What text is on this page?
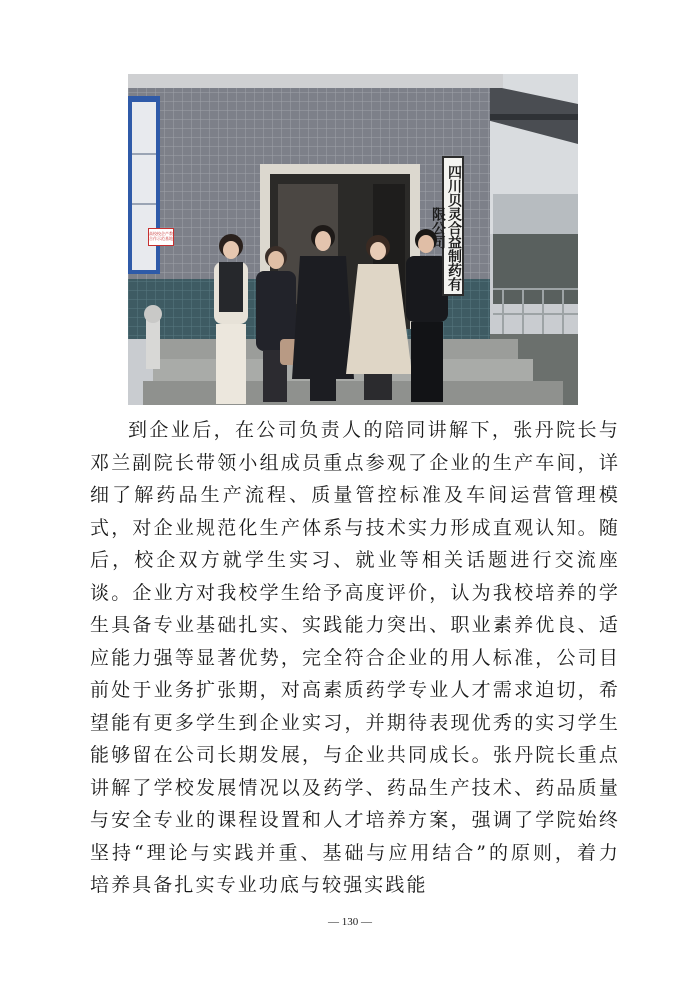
四川贝灵合益制药有限公司
高校校企产教合作示范基地

到企业后，在公司负责人的陪同讲解下，张丹院长与邓兰副院长带领小组成员重点参观了企业的生产车间，详细了解药品生产流程、质量管控标准及车间运营管理模式，对企业规范化生产体系与技术实力形成直观认知。随后，校企双方就学生实习、就业等相关话题进行交流座谈。企业方对我校学生给予高度评价，认为我校培养的学生具备专业基础扎实、实践能力突出、职业素养优良、适应能力强等显著优势，完全符合企业的用人标准，公司目前处于业务扩张期，对高素质药学专业人才需求迫切，希望能有更多学生到企业实习，并期待表现优秀的实习学生能够留在公司长期发展，与企业共同成长。张丹院长重点讲解了学校发展情况以及药学、药品生产技术、药品质量与安全专业的课程设置和人才培养方案，强调了学院始终坚持“理论与实践并重、基础与应用结合”的原则，着力培养具备扎实专业功底与较强实践能

— 130 —
